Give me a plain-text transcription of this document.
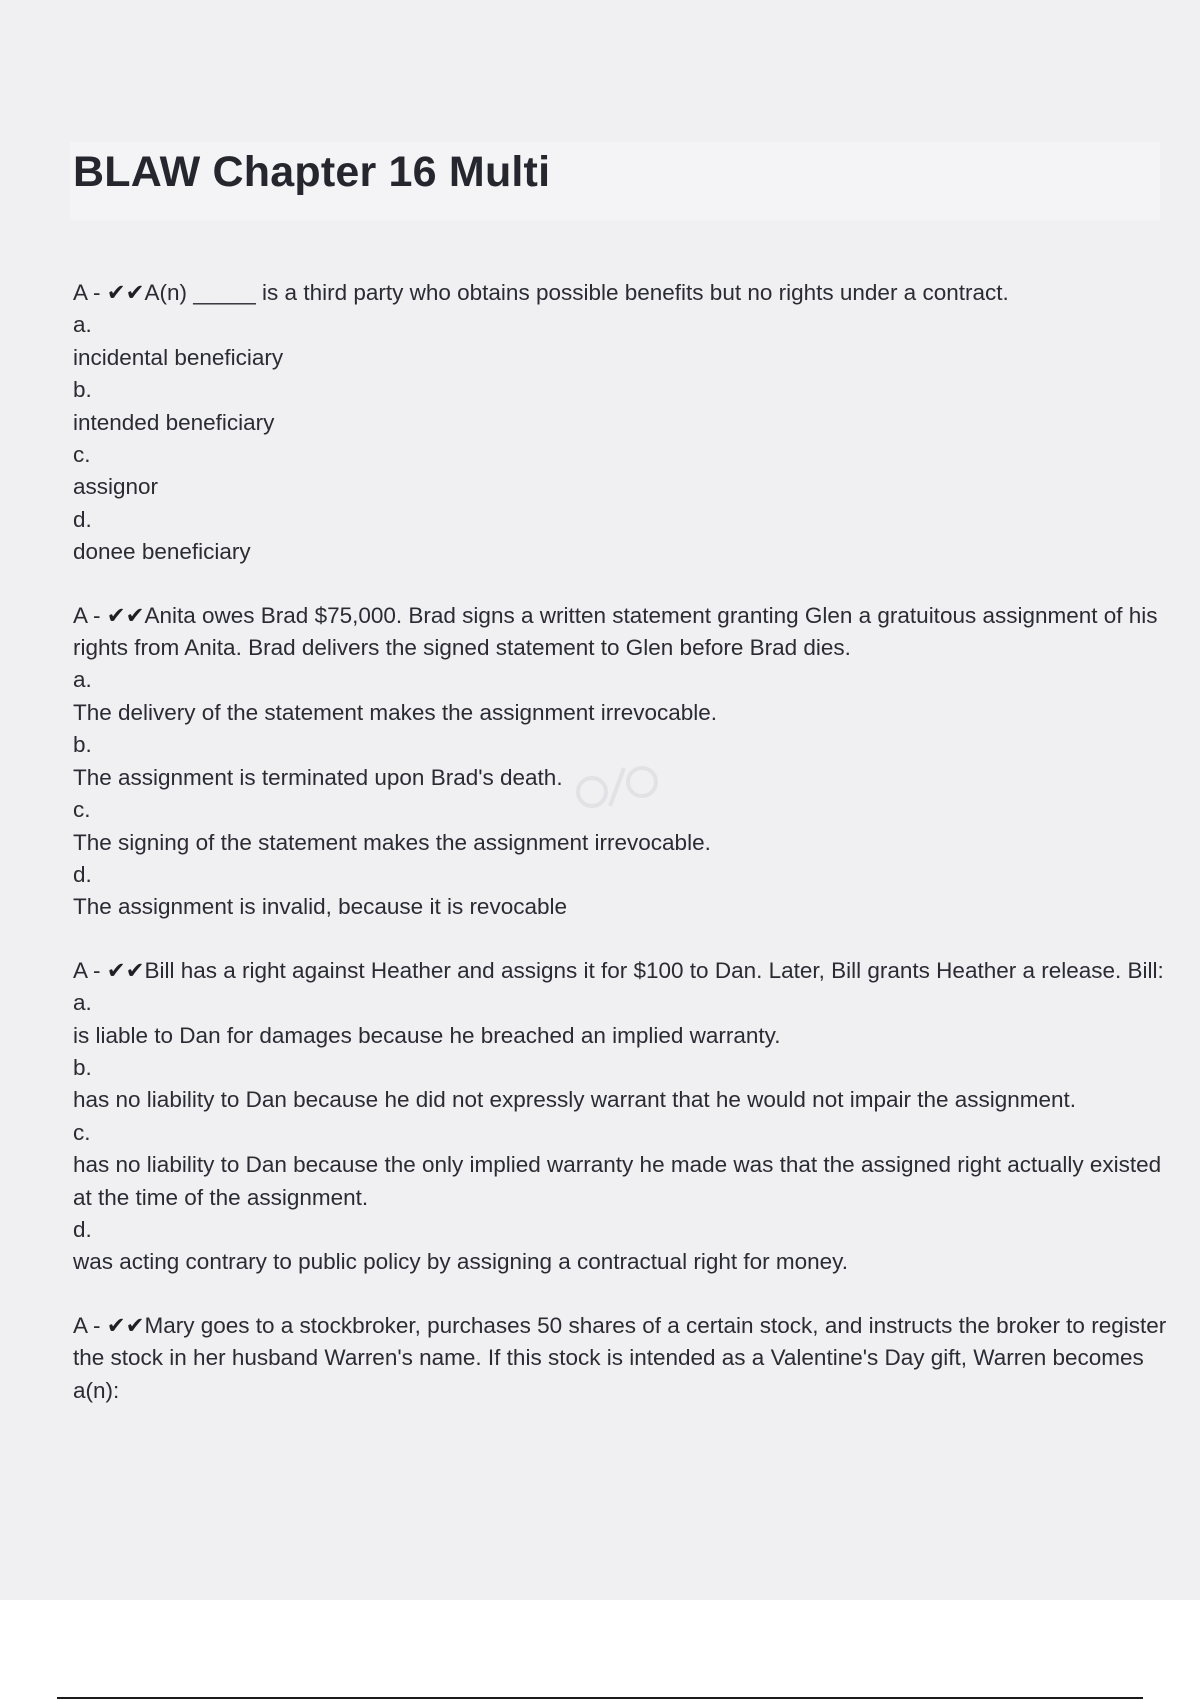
BLAW Chapter 16 Multi

A - ✔✔A(n) _____ is a third party who obtains possible benefits but no rights under a contract.

a.

incidental beneficiary

b.

intended beneficiary

c.

assignor

d.

donee beneficiary

A - ✔✔Anita owes Brad $75,000. Brad signs a written statement granting Glen a gratuitous assignment of his rights from Anita. Brad delivers the signed statement to Glen before Brad dies.

a.

The delivery of the statement makes the assignment irrevocable.

b.

The assignment is terminated upon Brad's death.

c.

The signing of the statement makes the assignment irrevocable.

d.

The assignment is invalid, because it is revocable

A - ✔✔Bill has a right against Heather and assigns it for $100 to Dan. Later, Bill grants Heather a release. Bill:

a.

is liable to Dan for damages because he breached an implied warranty.

b.

has no liability to Dan because he did not expressly warrant that he would not impair the assignment.

c.

has no liability to Dan because the only implied warranty he made was that the assigned right actually existed at the time of the assignment.

d.

was acting contrary to public policy by assigning a contractual right for money.

A - ✔✔Mary goes to a stockbroker, purchases 50 shares of a certain stock, and instructs the broker to register the stock in her husband Warren's name. If this stock is intended as a Valentine's Day gift, Warren becomes a(n):
